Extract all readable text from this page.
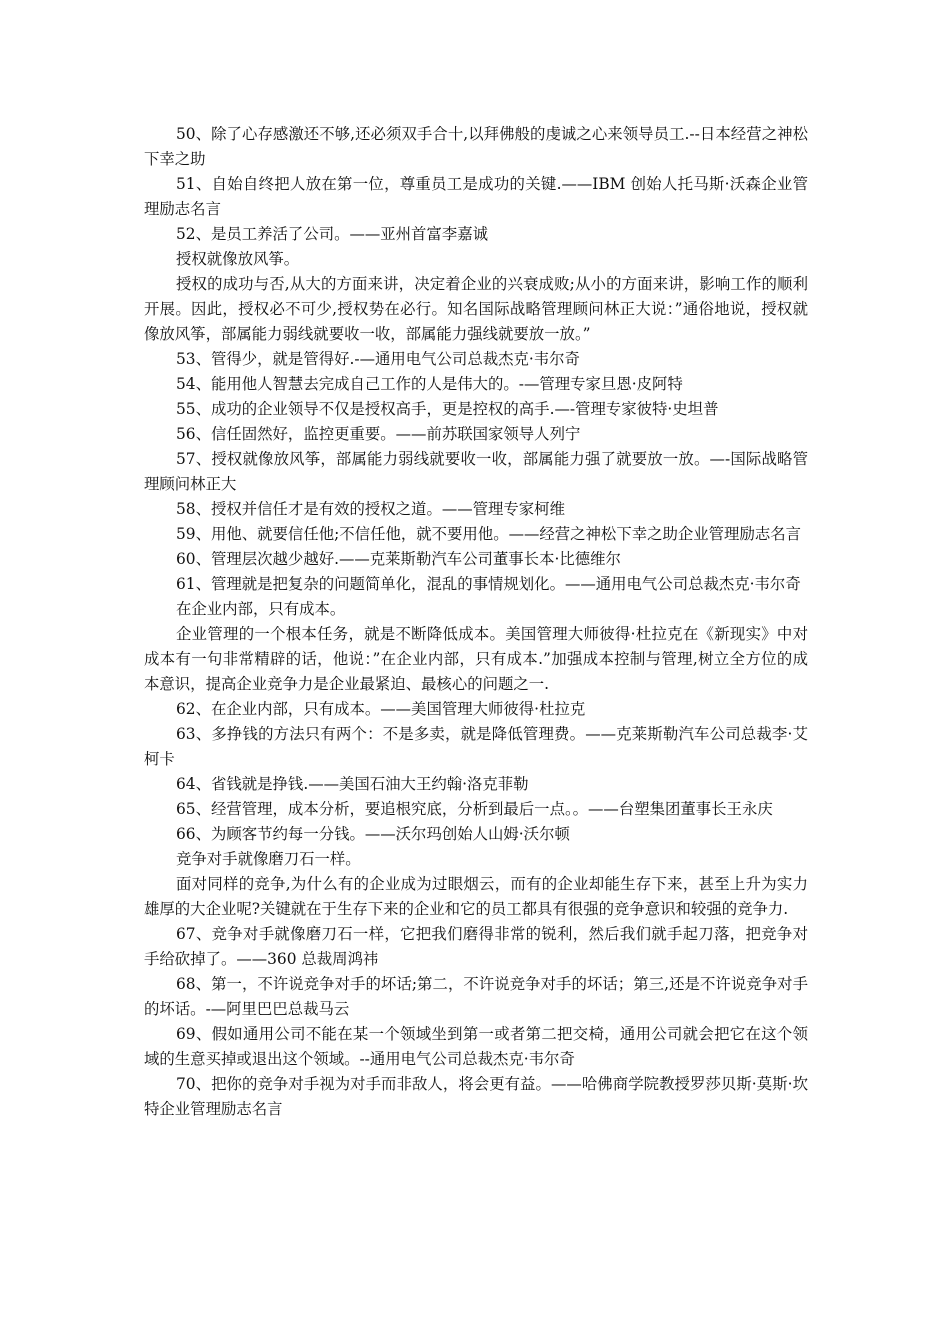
50、除了心存感激还不够,还必须双手合十,以拜佛般的虔诚之心来领导员工.--日本经营之神松下幸之助

51、自始自终把人放在第一位，尊重员工是成功的关键.——IBM 创始人托马斯·沃森企业管理励志名言

52、是员工养活了公司。——亚州首富李嘉诚

授权就像放风筝。

授权的成功与否,从大的方面来讲，决定着企业的兴衰成败;从小的方面来讲，影响工作的顺利开展。因此，授权必不可少,授权势在必行。知名国际战略管理顾问林正大说：”通俗地说，授权就像放风筝，部属能力弱线就要收一收，部属能力强线就要放一放。”

53、管得少，就是管得好.-—通用电气公司总裁杰克·韦尔奇

54、能用他人智慧去完成自己工作的人是伟大的。-—管理专家旦恩·皮阿特

55、成功的企业领导不仅是授权高手，更是控权的高手.—-管理专家彼特·史坦普

56、信任固然好，监控更重要。——前苏联国家领导人列宁

57、授权就像放风筝，部属能力弱线就要收一收，部属能力强了就要放一放。—-国际战略管理顾问林正大

58、授权并信任才是有效的授权之道。——管理专家柯维

59、用他、就要信任他;不信任他，就不要用他。——经营之神松下幸之助企业管理励志名言

60、管理层次越少越好.——克莱斯勒汽车公司董事长本·比德维尔

61、管理就是把复杂的问题简单化，混乱的事情规划化。——通用电气公司总裁杰克·韦尔奇

在企业内部，只有成本。

企业管理的一个根本任务，就是不断降低成本。美国管理大师彼得·杜拉克在《新现实》中对成本有一句非常精辟的话，他说：”在企业内部，只有成本.”加强成本控制与管理,树立全方位的成本意识，提高企业竞争力是企业最紧迫、最核心的问题之一.

62、在企业内部，只有成本。——美国管理大师彼得·杜拉克

63、多挣钱的方法只有两个：不是多卖，就是降低管理费。——克莱斯勒汽车公司总裁李·艾柯卡

64、省钱就是挣钱.——美国石油大王约翰·洛克菲勒

65、经营管理，成本分析，要追根究底，分析到最后一点。。——台塑集团董事长王永庆

66、为顾客节约每一分钱。——沃尔玛创始人山姆·沃尔顿

竞争对手就像磨刀石一样。

面对同样的竞争,为什么有的企业成为过眼烟云，而有的企业却能生存下来，甚至上升为实力雄厚的大企业呢?关键就在于生存下来的企业和它的员工都具有很强的竞争意识和较强的竞争力.

67、竞争对手就像磨刀石一样，它把我们磨得非常的锐利，然后我们就手起刀落，把竞争对手给砍掉了。——360 总裁周鸿祎

68、第一，不许说竞争对手的坏话;第二，不许说竞争对手的坏话；第三,还是不许说竞争对手的坏话。-—阿里巴巴总裁马云

69、假如通用公司不能在某一个领域坐到第一或者第二把交椅，通用公司就会把它在这个领域的生意买掉或退出这个领域。--通用电气公司总裁杰克·韦尔奇

70、把你的竞争对手视为对手而非敌人，将会更有益。——哈佛商学院教授罗莎贝斯·莫斯·坎特企业管理励志名言
